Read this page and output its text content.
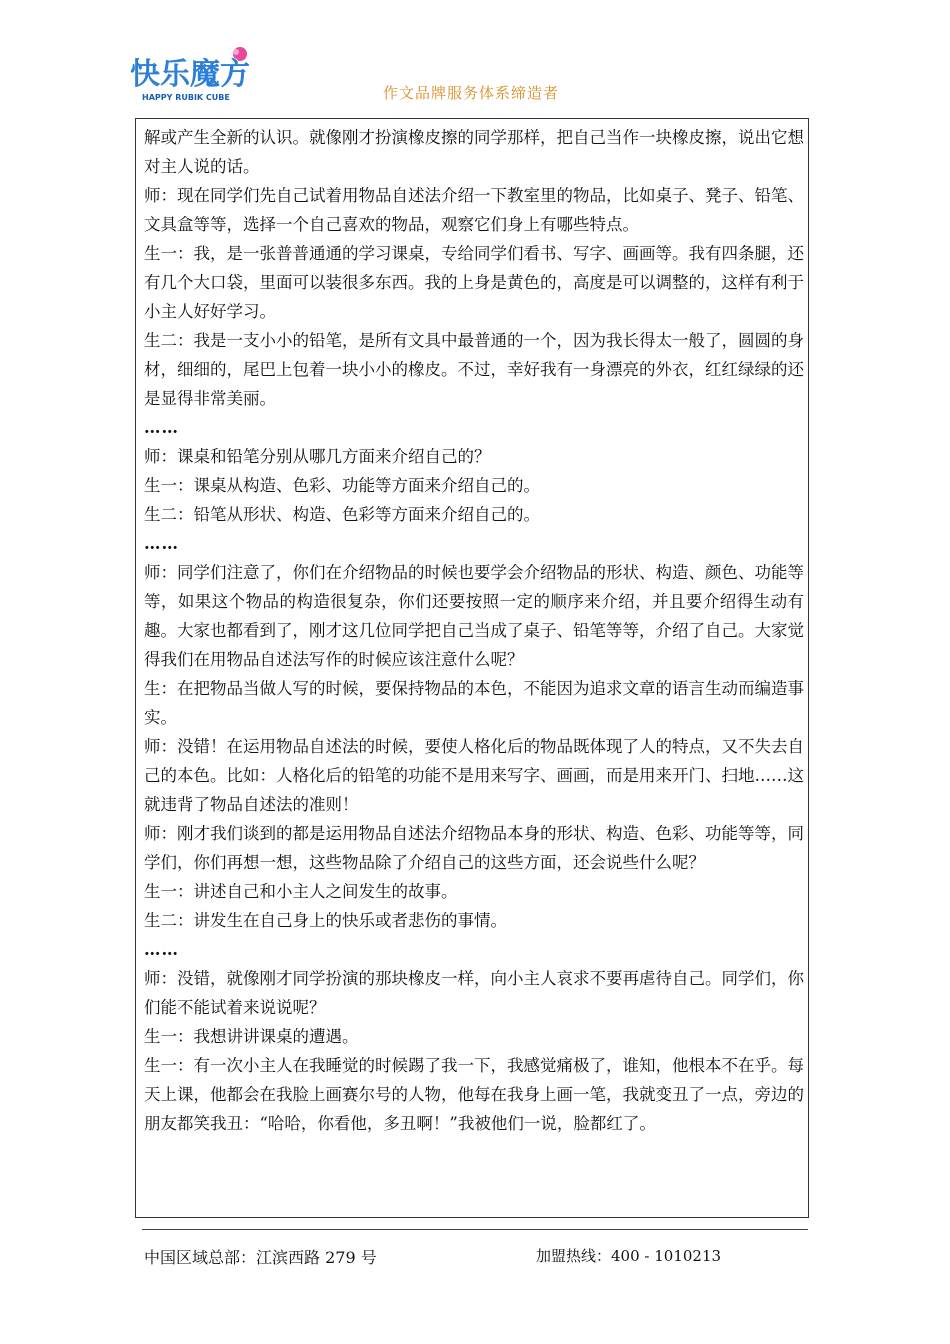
快乐魔方
HAPPY RUBIK CUBE	作文品牌服务体系缔造者

解或产生全新的认识。就像刚才扮演橡皮擦的同学那样，把自己当作一块橡皮擦，说出它想对主人说的话。

师：现在同学们先自己试着用物品自述法介绍一下教室里的物品，比如桌子、凳子、铅笔、文具盒等等，选择一个自己喜欢的物品，观察它们身上有哪些特点。

生一：我，是一张普普通通的学习课桌，专给同学们看书、写字、画画等。我有四条腿，还有几个大口袋，里面可以装很多东西。我的上身是黄色的，高度是可以调整的，这样有利于小主人好好学习。

生二：我是一支小小的铅笔，是所有文具中最普通的一个，因为我长得太一般了，圆圆的身材，细细的，尾巴上包着一块小小的橡皮。不过，幸好我有一身漂亮的外衣，红红绿绿的还是显得非常美丽。

……

师：课桌和铅笔分别从哪几方面来介绍自己的？

生一：课桌从构造、色彩、功能等方面来介绍自己的。

生二：铅笔从形状、构造、色彩等方面来介绍自己的。

……

师：同学们注意了，你们在介绍物品的时候也要学会介绍物品的形状、构造、颜色、功能等等，如果这个物品的构造很复杂，你们还要按照一定的顺序来介绍，并且要介绍得生动有趣。大家也都看到了，刚才这几位同学把自己当成了桌子、铅笔等等，介绍了自己。大家觉得我们在用物品自述法写作的时候应该注意什么呢？

生：在把物品当做人写的时候，要保持物品的本色，不能因为追求文章的语言生动而编造事实。

师：没错！在运用物品自述法的时候，要使人格化后的物品既体现了人的特点，又不失去自己的本色。比如：人格化后的铅笔的功能不是用来写字、画画，而是用来开门、扫地……这就违背了物品自述法的准则！

师：刚才我们谈到的都是运用物品自述法介绍物品本身的形状、构造、色彩、功能等等，同学们，你们再想一想，这些物品除了介绍自己的这些方面，还会说些什么呢？

生一：讲述自己和小主人之间发生的故事。

生二：讲发生在自己身上的快乐或者悲伤的事情。

……

师：没错，就像刚才同学扮演的那块橡皮一样，向小主人哀求不要再虐待自己。同学们，你们能不能试着来说说呢？

生一：我想讲讲课桌的遭遇。

生一：有一次小主人在我睡觉的时候踢了我一下，我感觉痛极了，谁知，他根本不在乎。每天上课，他都会在我脸上画赛尔号的人物，他每在我身上画一笔，我就变丑了一点，旁边的朋友都笑我丑：“哈哈，你看他，多丑啊！”我被他们一说，脸都红了。

中国区域总部：江滨西路 279 号	加盟热线：400 - 1010213
